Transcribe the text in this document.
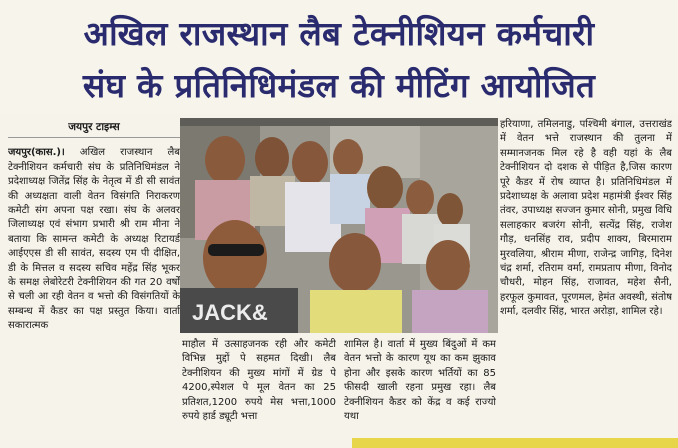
अखिल राजस्थान लैब टेक्नीशियन कर्मचारी
संघ के प्रतिनिधिमंडल की मीटिंग आयोजित
जयपुर टाइम्स
जयपुर(कास.)। अखिल राजस्थान लैब टेक्नीशियन कर्मचारी संघ के प्रतिनिधिमंडल ने प्रदेशाध्यक्ष जितेंद्र सिंह के नेतृत्व में डी सी सावंत की अध्यक्षता वाली वेतन विसंगति निराकरण कमेटी संग अपना पक्ष रखा। संघ के अलवर जिलाध्यक्ष एवं संभाग प्रभारी श्री राम मीना ने बताया कि सामन्त कमेटी के अध्यक्ष रिटायर्ड आईएएस डी सी सावंत, सदस्य एम पी दीक्षित, डी के मित्तल व सदस्य सचिव महेंद्र सिंह भूकर के समक्ष लेबोरेटरी टेक्नीशियन की गत 20 वर्षों से चली आ रही वेतन व भत्तो की विसंगतियों के सम्बन्ध में कैडर का पक्ष प्रस्तुत किया। वार्ता सकारात्मक
JACK&
माहौल में उत्साहजनक रही और कमेटी विभिन्न मुद्दों पे सहमत दिखी। लैब टेक्नीशियन की मुख्य मांगों में ग्रेड पे 4200,स्पेशल पे मूल वेतन का 25 प्रतिशत,1200 रुपये मेस भत्ता,1000 रुपये हार्ड ड्यूटी भत्ता
शामिल है। वार्ता में मुख्य बिंदुओं में कम वेतन भत्तो के कारण यूथ का कम झुकाव होना और इसके कारण भर्तियों का 85 फीसदी खाली रहना प्रमुख रहा। लैब टेक्नीशियन कैडर को केंद्र व कई राज्यो यथा
हरियाणा, तमिलनाडु, पश्चिमी बंगाल, उत्तराखंड में वेतन भत्ते राजस्थान की तुलना में सम्मानजनक मिल रहे है वही यहां के लैब टेक्नीशियन दो दशक से पीड़ित है,जिस कारण पूरे कैडर में रोष व्याप्त है। प्रतिनिधिमंडल में प्रदेशाध्यक्ष के अलावा प्रदेश महामंत्री ईश्वर सिंह तंवर, उपाध्यक्ष सज्जन कुमार सोनी, प्रमुख विधि सलाहकार बजरंग सोनी, सत्येंद्र सिंह, राजेश गौड़, धनसिंह राव, प्रदीप शाक्य, बिरमाराम मुरवलिया, श्रीराम मीणा, राजेन्द्र जागिड़, दिनेश चंद्र शर्मा, रतिराम वर्मा, रामप्रताप मीणा, विनोद चौधरी, मोहन सिंह, राजावत, महेश सैनी, हरफूल कुमावत, पूरणमल, हेमंत अवस्थी, संतोष शर्मा, दलवीर सिंह, भारत अरोड़ा, शामिल रहे।
